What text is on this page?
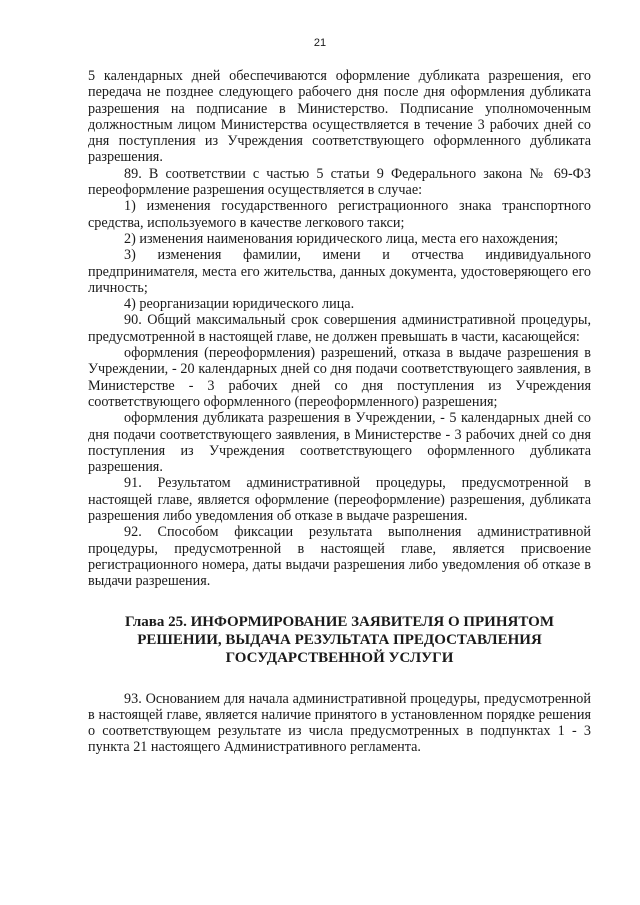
21

5 календарных дней обеспечиваются оформление дубликата разрешения, его передача не позднее следующего рабочего дня после дня оформления дубликата разрешения на подписание в Министерство. Подписание уполномоченным должностным лицом Министерства осуществляется в течение 3 рабочих дней со дня поступления из Учреждения соответствующего оформленного дубликата разрешения.

89. В соответствии с частью 5 статьи 9 Федерального закона № 69-ФЗ переоформление разрешения осуществляется в случае:

1) изменения государственного регистрационного знака транспортного средства, используемого в качестве легкового такси;

2) изменения наименования юридического лица, места его нахождения;

3) изменения фамилии, имени и отчества индивидуального предпринимателя, места его жительства, данных документа, удостоверяющего его личность;

4) реорганизации юридического лица.

90. Общий максимальный срок совершения административной процедуры, предусмотренной в настоящей главе, не должен превышать в части, касающейся:

оформления (переоформления) разрешений, отказа в выдаче разрешения в Учреждении, - 20 календарных дней со дня подачи соответствующего заявления, в Министерстве - 3 рабочих дней со дня поступления из Учреждения соответствующего оформленного (переоформленного) разрешения;

оформления дубликата разрешения в Учреждении, - 5 календарных дней со дня подачи соответствующего заявления, в Министерстве - 3 рабочих дней со дня поступления из Учреждения соответствующего оформленного дубликата разрешения.

91. Результатом административной процедуры, предусмотренной в настоящей главе, является оформление (переоформление) разрешения, дубликата разрешения либо уведомления об отказе в выдаче разрешения.

92. Способом фиксации результата выполнения административной процедуры, предусмотренной в настоящей главе, является присвоение регистрационного номера, даты выдачи разрешения либо уведомления об отказе в выдачи разрешения.

Глава 25. ИНФОРМИРОВАНИЕ ЗАЯВИТЕЛЯ О ПРИНЯТОМ
РЕШЕНИИ, ВЫДАЧА РЕЗУЛЬТАТА ПРЕДОСТАВЛЕНИЯ
ГОСУДАРСТВЕННОЙ УСЛУГИ

93. Основанием для начала административной процедуры, предусмотренной в настоящей главе, является наличие принятого в установленном порядке решения о соответствующем результате из числа предусмотренных в подпунктах 1 - 3 пункта 21 настоящего Административного регламента.
